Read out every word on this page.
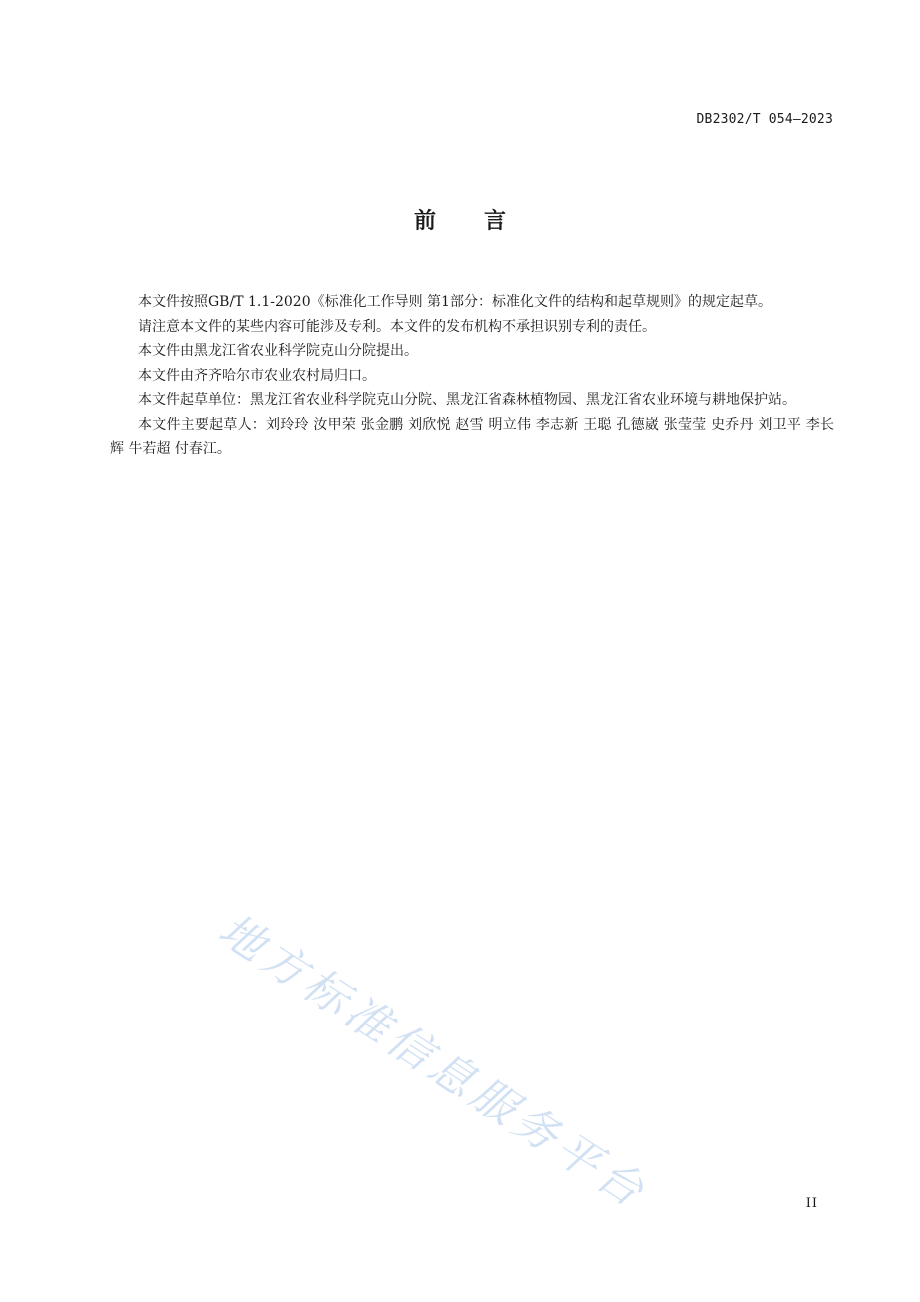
DB2302/T 054—2023
前 言

本文件按照GB/T 1.1-2020《标准化工作导则 第1部分：标准化文件的结构和起草规则》的规定起草。

请注意本文件的某些内容可能涉及专利。本文件的发布机构不承担识别专利的责任。

本文件由黑龙江省农业科学院克山分院提出。

本文件由齐齐哈尔市农业农村局归口。

本文件起草单位：黑龙江省农业科学院克山分院、黑龙江省森林植物园、黑龙江省农业环境与耕地保护站。

本文件主要起草人：刘玲玲 汝甲荣 张金鹏 刘欣悦 赵雪 明立伟 李志新 王聪 孔德崴 张莹莹 史乔丹 刘卫平 李长辉 牛若超 付春江。

地方标准信息服务平台	II
